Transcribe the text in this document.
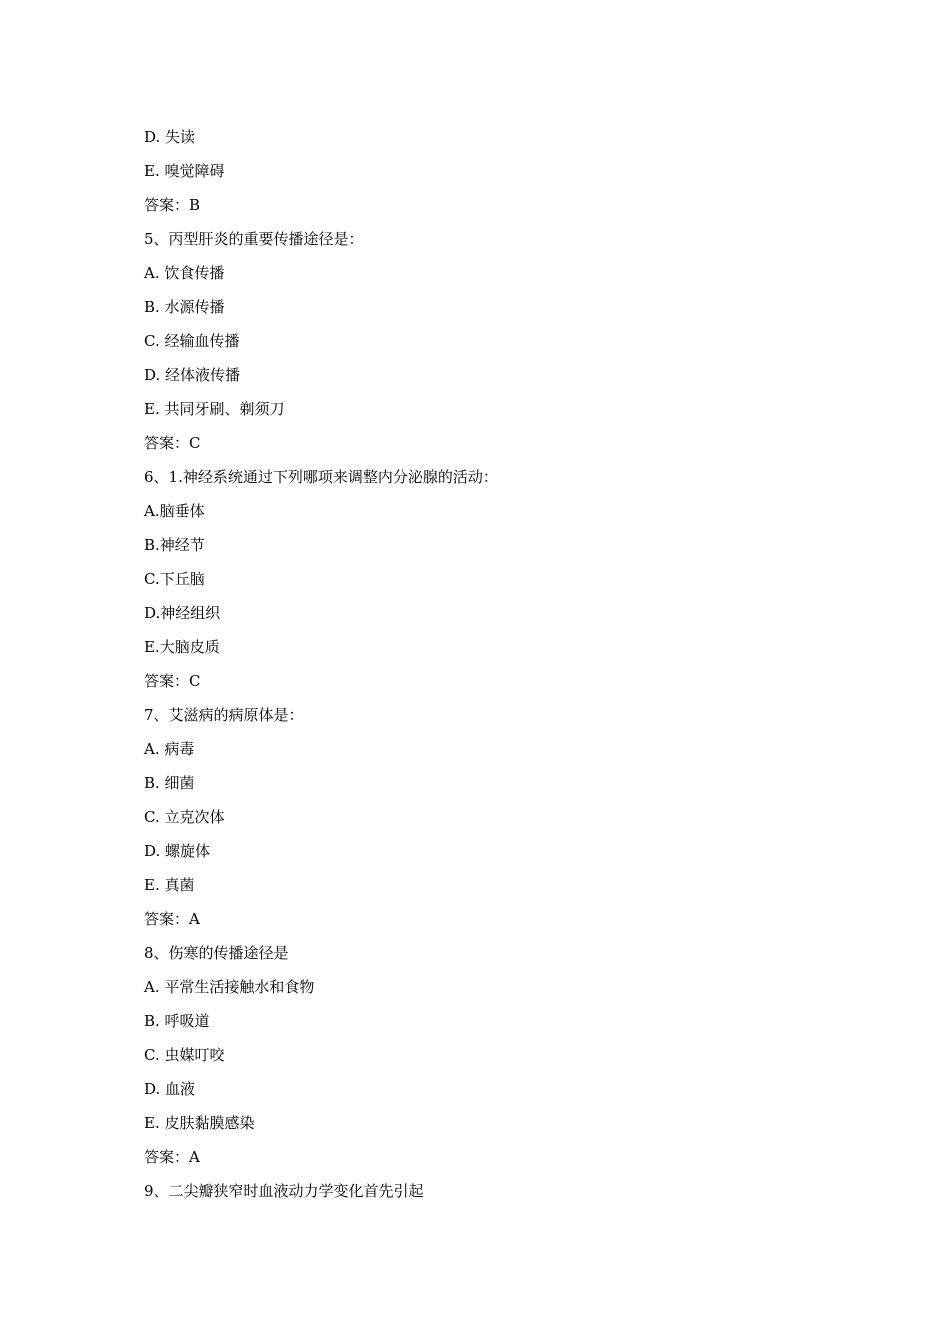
D. 失读
E. 嗅觉障碍
答案：B
5、丙型肝炎的重要传播途径是：
A. 饮食传播
B. 水源传播
C. 经输血传播
D. 经体液传播
E. 共同牙刷、剃须刀
答案：C
6、1.神经系统通过下列哪项来调整内分泌腺的活动：
A.脑垂体
B.神经节
C.下丘脑
D.神经组织
E.大脑皮质
答案：C
7、艾滋病的病原体是：
A. 病毒
B. 细菌
C. 立克次体
D. 螺旋体
E. 真菌
答案：A
8、伤寒的传播途径是
A. 平常生活接触水和食物
B. 呼吸道
C. 虫媒叮咬
D. 血液
E. 皮肤黏膜感染
答案：A
9、二尖瓣狭窄时血液动力学变化首先引起
